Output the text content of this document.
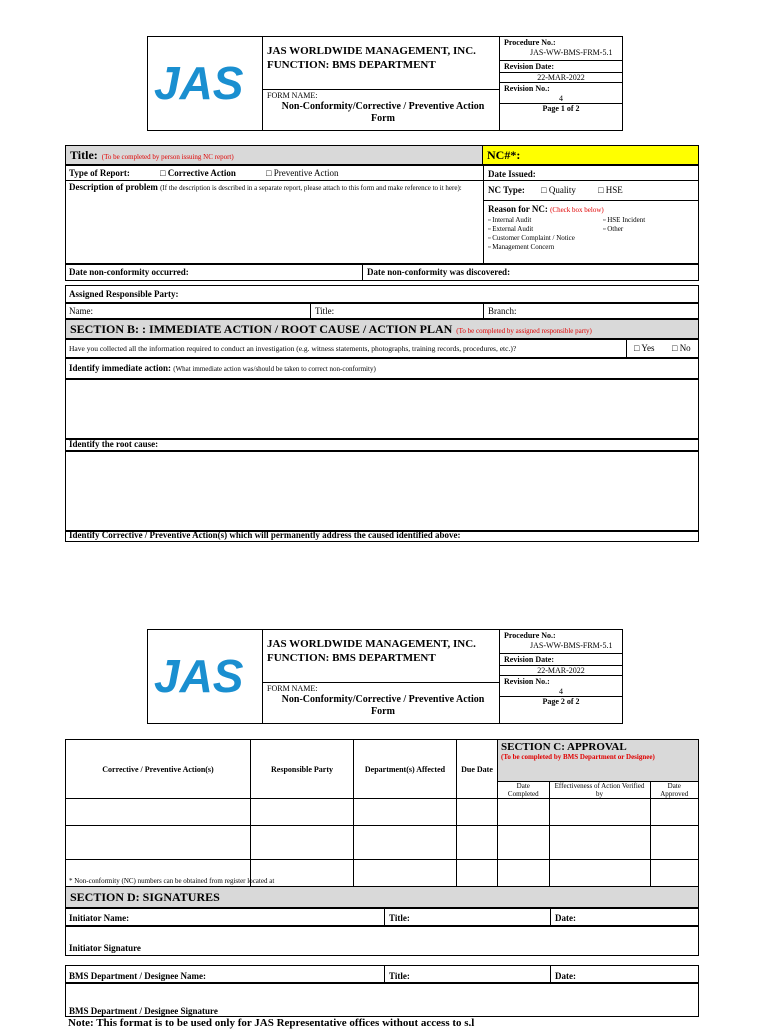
JAS
JAS WORLDWIDE MANAGEMENT, INC.
FUNCTION: BMS DEPARTMENT
FORM NAME:
Non-Conformity/Corrective / Preventive Action Form
Procedure No.:
JAS-WW-BMS-FRM-5.1
Revision Date:
22-MAR-2022
Revision No.:
4
Page 1 of 2
Title: (To be completed by person issuing NC report)	NC#*:
Type of Report:	□ Corrective Action	□ Preventive Action
Description of problem (If the description is described in a separate report, please attach to this form and make reference to it here):
Date Issued:
NC Type: □ Quality □ HSE
Reason for NC: (Check box below)
▫ Internal Audit
▫ External Audit
▫ Customer Complaint / Notice
▫ Management Concern
▫ HSE Incident
▫ Other
Date non-conformity occurred:	Date non-conformity was discovered:
Assigned Responsible Party:
Name:	Title:	Branch:
SECTION B: : IMMEDIATE ACTION / ROOT CAUSE / ACTION PLAN (To be completed by assigned responsible party)
Have you collected all the information required to conduct an investigation (e.g. witness statements, photographs, training records, procedures, etc.)?	□ Yes □ No
Identify immediate action: (What immediate action was/should be taken to correct non-conformity)
Identify the root cause:
Identify Corrective / Preventive Action(s) which will permanently address the caused identified above:
JAS
JAS WORLDWIDE MANAGEMENT, INC.
FUNCTION: BMS DEPARTMENT
FORM NAME:
Non-Conformity/Corrective / Preventive Action Form
Procedure No.:
JAS-WW-BMS-FRM-5.1
Revision Date:
22-MAR-2022
Revision No.:
4
Page 2 of 2
Corrective / Preventive Action(s)	Responsible Party	Department(s) Affected	Due Date	SECTION C: APPROVAL
(To be completed by BMS Department or Designee)		

				Date Completed	Effectiveness of Action Verified by	Date Approved

* Non-conformity (NC) numbers can be obtained from register located at
SECTION D: SIGNATURES
Initiator Name:	Title:	Date:
Initiator Signature
BMS Department / Designee Name:	Title:	Date:
BMS Department / Designee Signature
Note: This format is to be used only for JAS Representative offices without access to s.l
